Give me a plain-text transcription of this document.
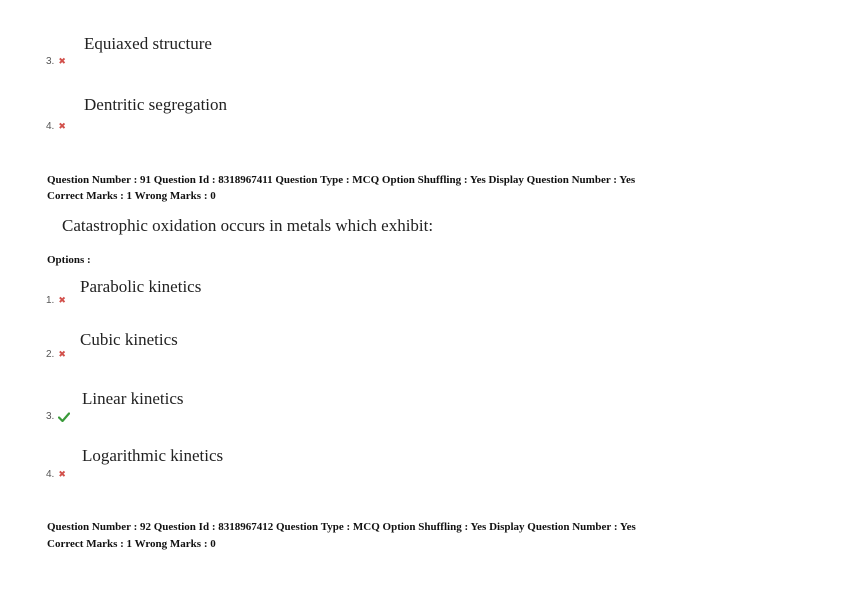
Equiaxed structure
3. ✖
Dentritic segregation
4. ✖
Question Number : 91 Question Id : 8318967411 Question Type : MCQ Option Shuffling : Yes Display Question Number : Yes
Correct Marks : 1 Wrong Marks : 0
Catastrophic oxidation occurs in metals which exhibit:
Options :
Parabolic kinetics
1. ✖
Cubic kinetics
2. ✖
Linear kinetics
3.
Logarithmic kinetics
4. ✖
Question Number : 92 Question Id : 8318967412 Question Type : MCQ Option Shuffling : Yes Display Question Number : Yes
Correct Marks : 1 Wrong Marks : 0
